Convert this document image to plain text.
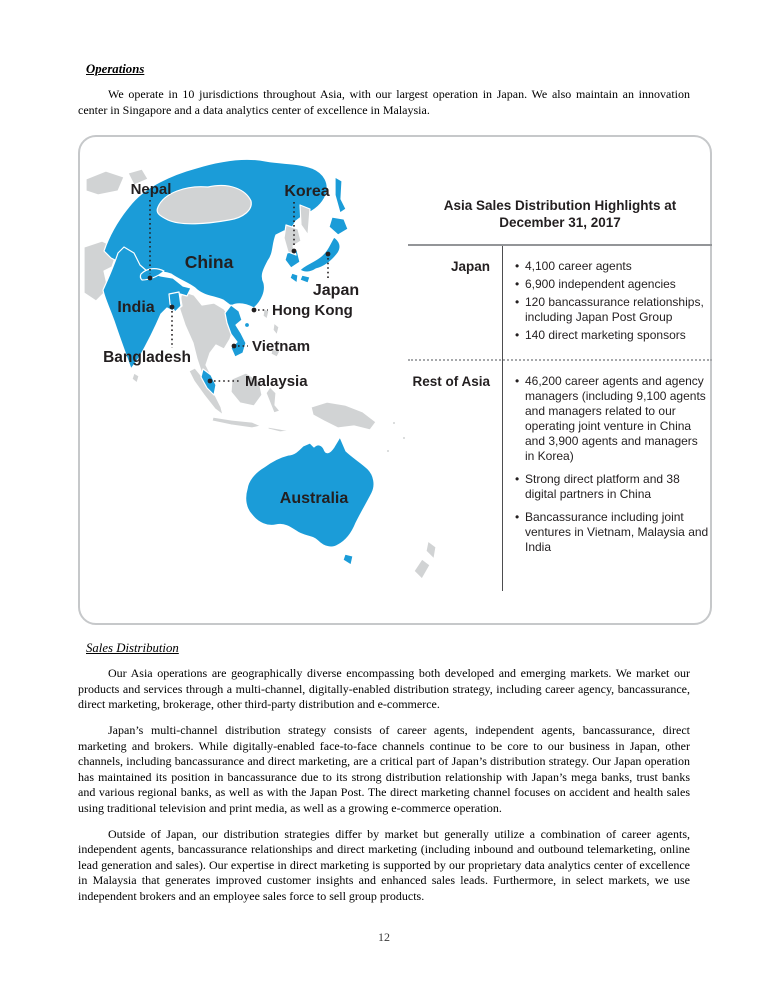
Operations

We operate in 10 jurisdictions throughout Asia, with our largest operation in Japan. We also maintain an innovation center in Singapore and a data analytics center of excellence in Malaysia.

Nepal	Korea
China
Japan
India	Hong Kong
Vietnam
Bangladesh
Malaysia
Australia
Asia Sales Distribution Highlights at
December 31, 2017
Japan	• 4,100 career agents
• 6,900 independent agencies
• 120 bancassurance relationships, including Japan Post Group
• 140 direct marketing sponsors
Rest of Asia	• 46,200 career agents and agency managers (including 9,100 agents and managers related to our operating joint venture in China and 3,900 agents and managers in Korea)
• Strong direct platform and 38 digital partners in China
• Bancassurance including joint ventures in Vietnam, Malaysia and India
Sales Distribution

Our Asia operations are geographically diverse encompassing both developed and emerging markets. We market our products and services through a multi-channel, digitally-enabled distribution strategy, including career agency, bancassurance, direct marketing, brokerage, other third-party distribution and e-commerce.

Japan’s multi-channel distribution strategy consists of career agents, independent agents, bancassurance, direct marketing and brokers. While digitally-enabled face-to-face channels continue to be core to our business in Japan, other channels, including bancassurance and direct marketing, are a critical part of Japan’s distribution strategy. Our Japan operation has maintained its position in bancassurance due to its strong distribution relationship with Japan’s mega banks, trust banks and various regional banks, as well as with the Japan Post. The direct marketing channel focuses on accident and health sales using traditional television and print media, as well as a growing e-commerce operation.

Outside of Japan, our distribution strategies differ by market but generally utilize a combination of career agents, independent agents, bancassurance relationships and direct marketing (including inbound and outbound telemarketing, online lead generation and sales). Our expertise in direct marketing is supported by our proprietary data analytics center of excellence in Malaysia that generates improved customer insights and enhanced sales leads. Furthermore, in select markets, we use independent brokers and an employee sales force to sell group products.

12
